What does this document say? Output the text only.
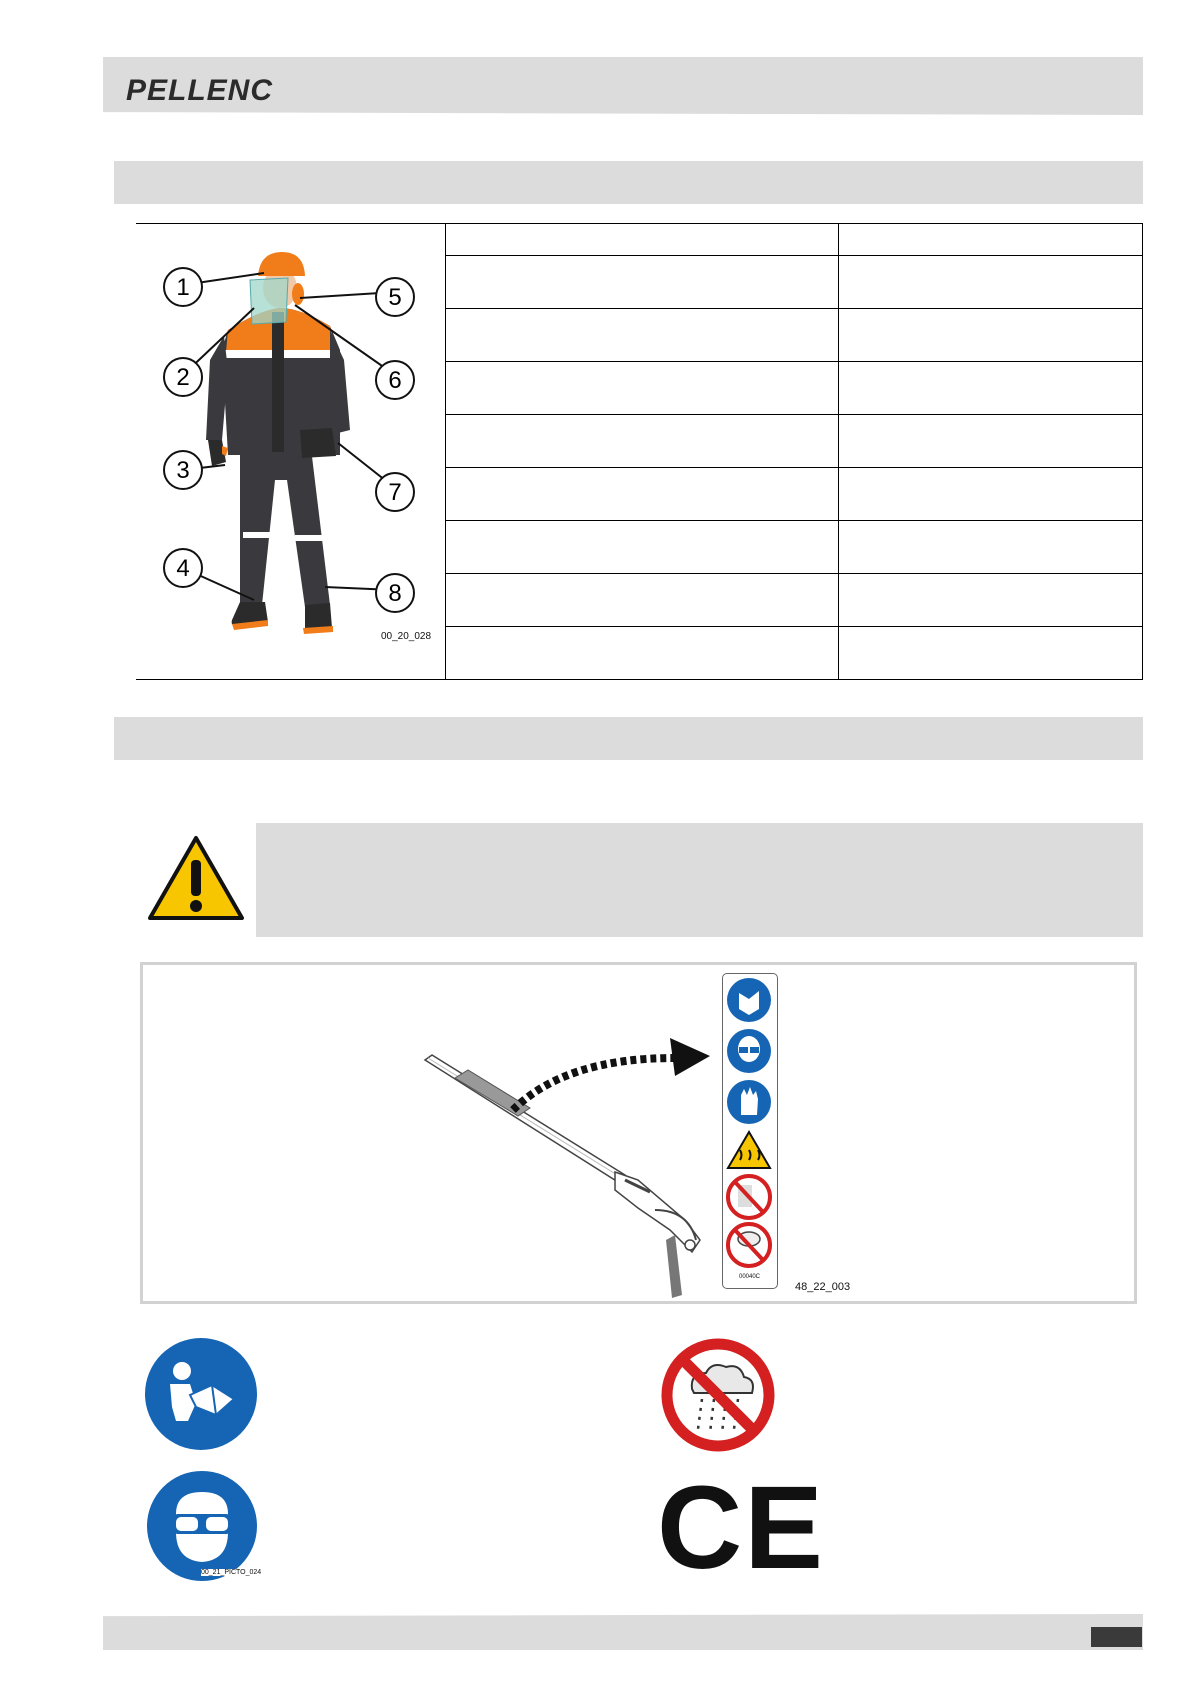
PELLENC
1
2
3
4
5
6
7
8
00_20_028
00040C
48_22_003
00_21_PICTO_024	CE
